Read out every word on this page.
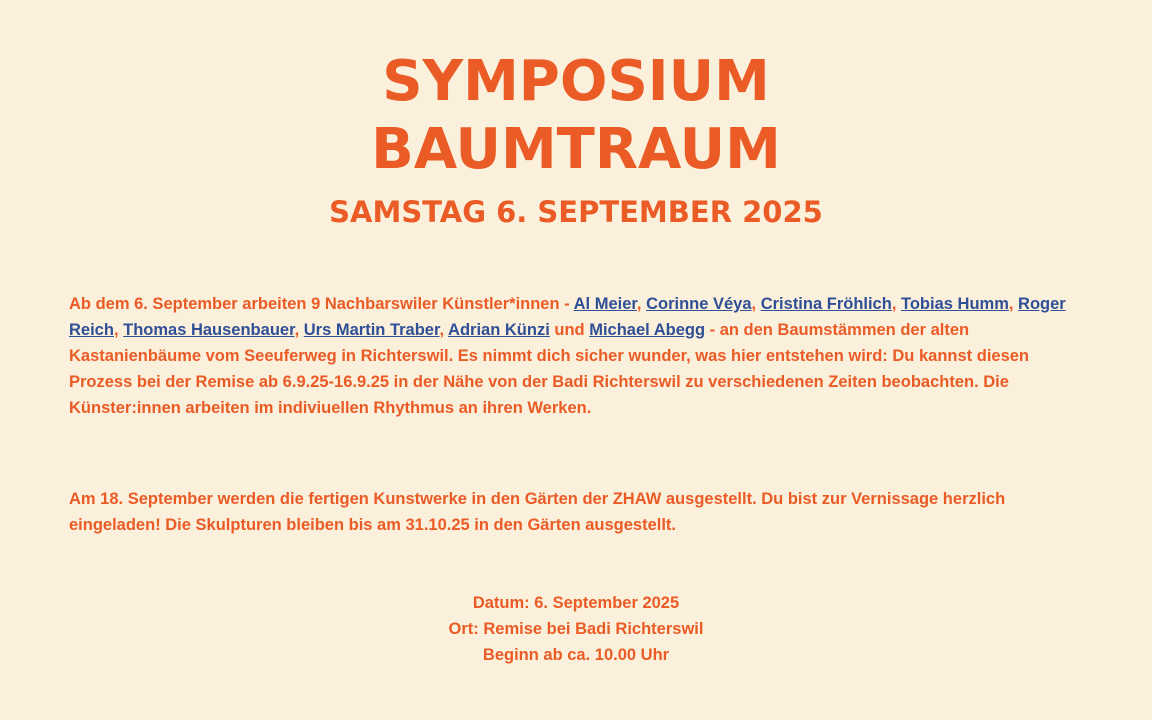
SYMPOSIUM
BAUMTRAUM
SAMSTAG 6. SEPTEMBER 2025
Ab dem 6. September arbeiten 9 Nachbarswiler Künstler*innen - Al Meier, Corinne Véya, Cristina Fröhlich, Tobias Humm, Roger Reich, Thomas Hausenbauer, Urs Martin Traber, Adrian Künzi und Michael Abegg - an den Baumstämmen der alten Kastanienbäume vom Seeuferweg in Richterswil. Es nimmt dich sicher wunder, was hier entstehen wird: Du kannst diesen Prozess bei der Remise ab 6.9.25-16.9.25 in der Nähe von der Badi Richterswil zu verschiedenen Zeiten beobachten. Die Künster:innen arbeiten im indiviuellen Rhythmus an ihren Werken.
Am 18. September werden die fertigen Kunstwerke in den Gärten der ZHAW ausgestellt. Du bist zur Vernissage herzlich eingeladen! Die Skulpturen bleiben bis am 31.10.25 in den Gärten ausgestellt.
Datum: 6. September 2025
Ort: Remise bei Badi Richterswil
Beginn ab ca. 10.00 Uhr
